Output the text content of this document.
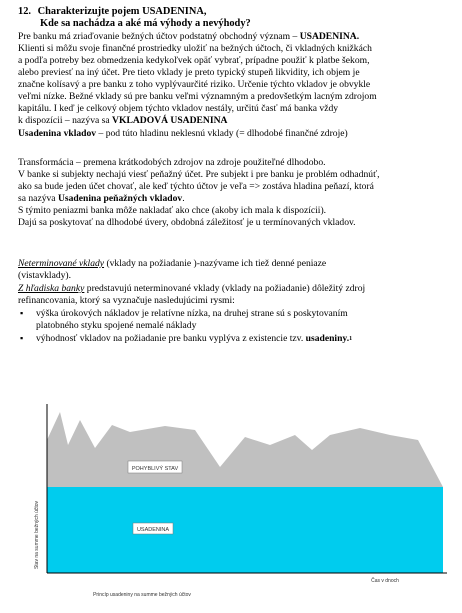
12. Charakterizujte pojem USADENINA,
Kde sa nachádza a aké má výhody a nevýhody?
Pre banku má zriaďovanie bežných účtov podstatný obchodný význam – USADENINA.
Klienti si môžu svoje finančné prostriedky uložiť na bežných účtoch, či vkladných knižkách
a podľa potreby bez obmedzenia kedykoľvek opäť vybrať, prípadne použiť k platbe šekom,
alebo previesť na iný účet. Pre tieto vklady je preto typický stupeň likvidity, ich objem je
značne kolísavý a pre banku z toho vyplývaurčité riziko. Určenie týchto vkladov je obvykle
veľmi nízke. Bežné vklady sú pre banku veľmi významným a predovšetkým lacným zdrojom
kapitálu. I keď je celkový objem týchto vkladov nestály, určitú časť má banka vždy
k dispozícii – nazýva sa VKLADOVÁ USADENINA
Usadenina vkladov – pod túto hladinu neklesnú vklady (= dlhodobé finančné zdroje)
Transformácia – premena krátkodobých zdrojov na zdroje použiteľné dlhodobo.
V banke si subjekty nechajú viesť peňažný účet. Pre subjekt i pre banku je problém odhadnúť,
ako sa bude jeden účet chovať, ale keď týchto účtov je veľa => zostáva hladina peňazí, ktorá
sa nazýva Usadenina peňažných vkladov.
S týmito peniazmi banka môže nakladať ako chce (akoby ich mala k dispozícii).
Dajú sa poskytovať na dlhodobé úvery, obdobná záležitosť je u termínovaných vkladov.
Neterminované vklady (vklady na požiadanie )-nazývame ich tiež denné peniaze
(vistavklady).
Z hľadiska banky predstavujú neterminované vklady (vklady na požiadanie) dôležitý zdroj
refinancovania, ktorý sa vyznačuje nasledujúcimi rysmi:
▪ výška úrokových nákladov je relatívne nízka, na druhej strane sú s poskytovaním
platobného styku spojené nemalé náklady
▪ výhodnosť vkladov na požiadanie pre banku vyplýva z existencie tzv. usadeniny.$^1$
POHYBLIVÝ STAV
USADENINA
Stav na summe bežných účtov
Čas v dnoch
Princíp usadeniny na summe bežných účtov
